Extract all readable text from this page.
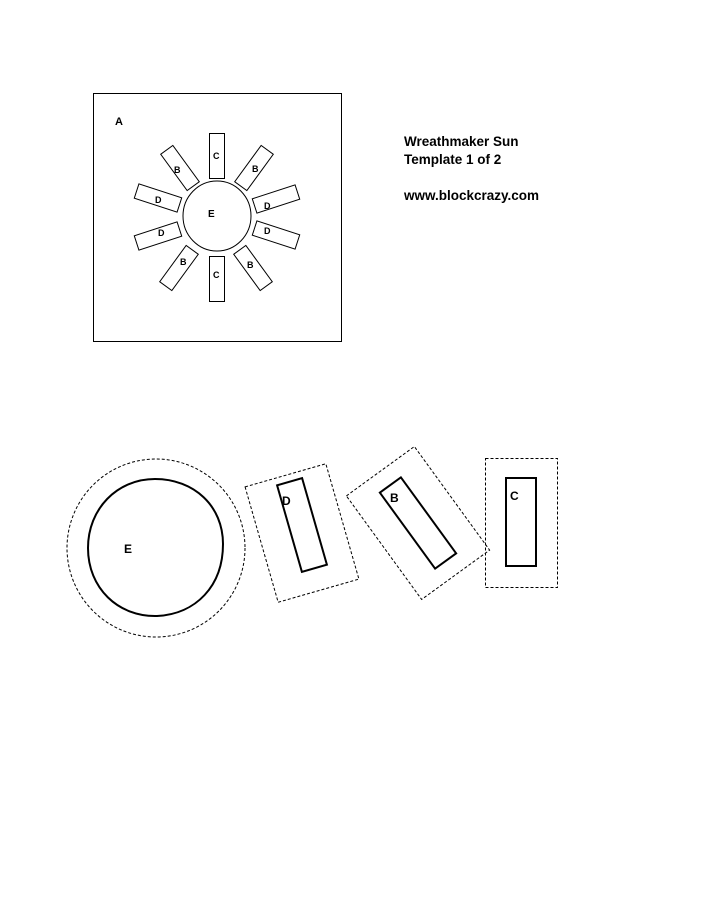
Wreathmaker Sun
Template 1 of 2
www.blockcrazy.com
A
E
C
B
D
D
B
C
B
D
D
B
E
D	B	C
